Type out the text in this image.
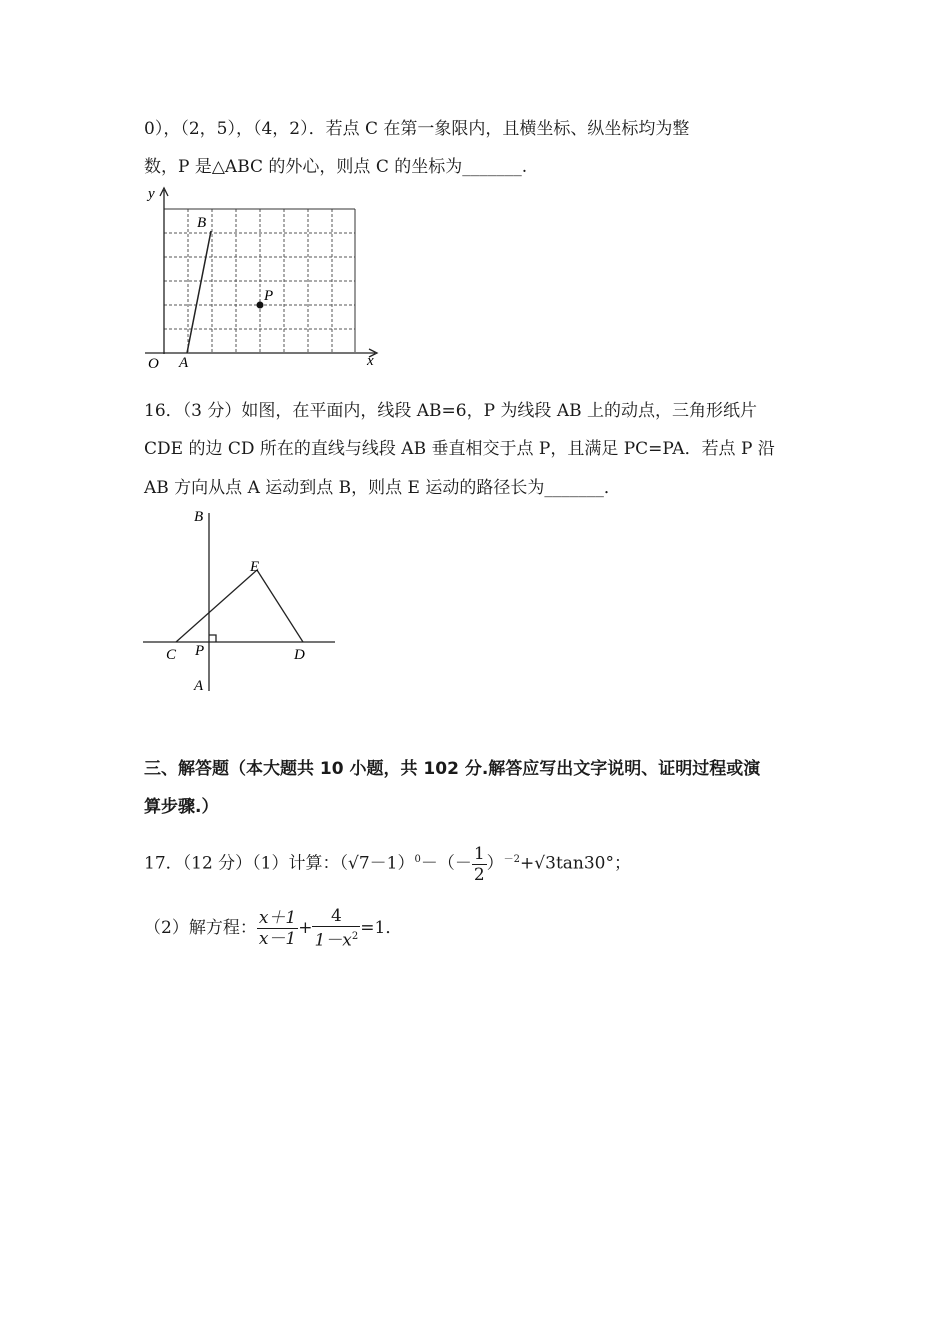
0），（2，5），（4，2）．若点 C 在第一象限内，且横坐标、纵坐标均为整
数，P 是△ABC 的外心，则点 C 的坐标为_______.
y
x
O A
B
P
16．（3 分）如图，在平面内，线段 AB=6，P 为线段 AB 上的动点，三角形纸片
CDE 的边 CD 所在的直线与线段 AB 垂直相交于点 P，且满足 PC=PA．若点 P 沿
AB 方向从点 A 运动到点 B，则点 E 运动的路径长为_______．
B
E
C P	D
A
三、解答题（本大题共 10 小题，共 102 分.解答应写出文字说明、证明过程或演
算步骤.）
17．（12 分）（1）计算：$(√7-1)^0-(- \frac{1}{2} )^{-2}+√3\tan 30^\circ$；
（2）解方程： $\frac{x+1}{x-1} + \frac{4}{1-x^2} =1$．
